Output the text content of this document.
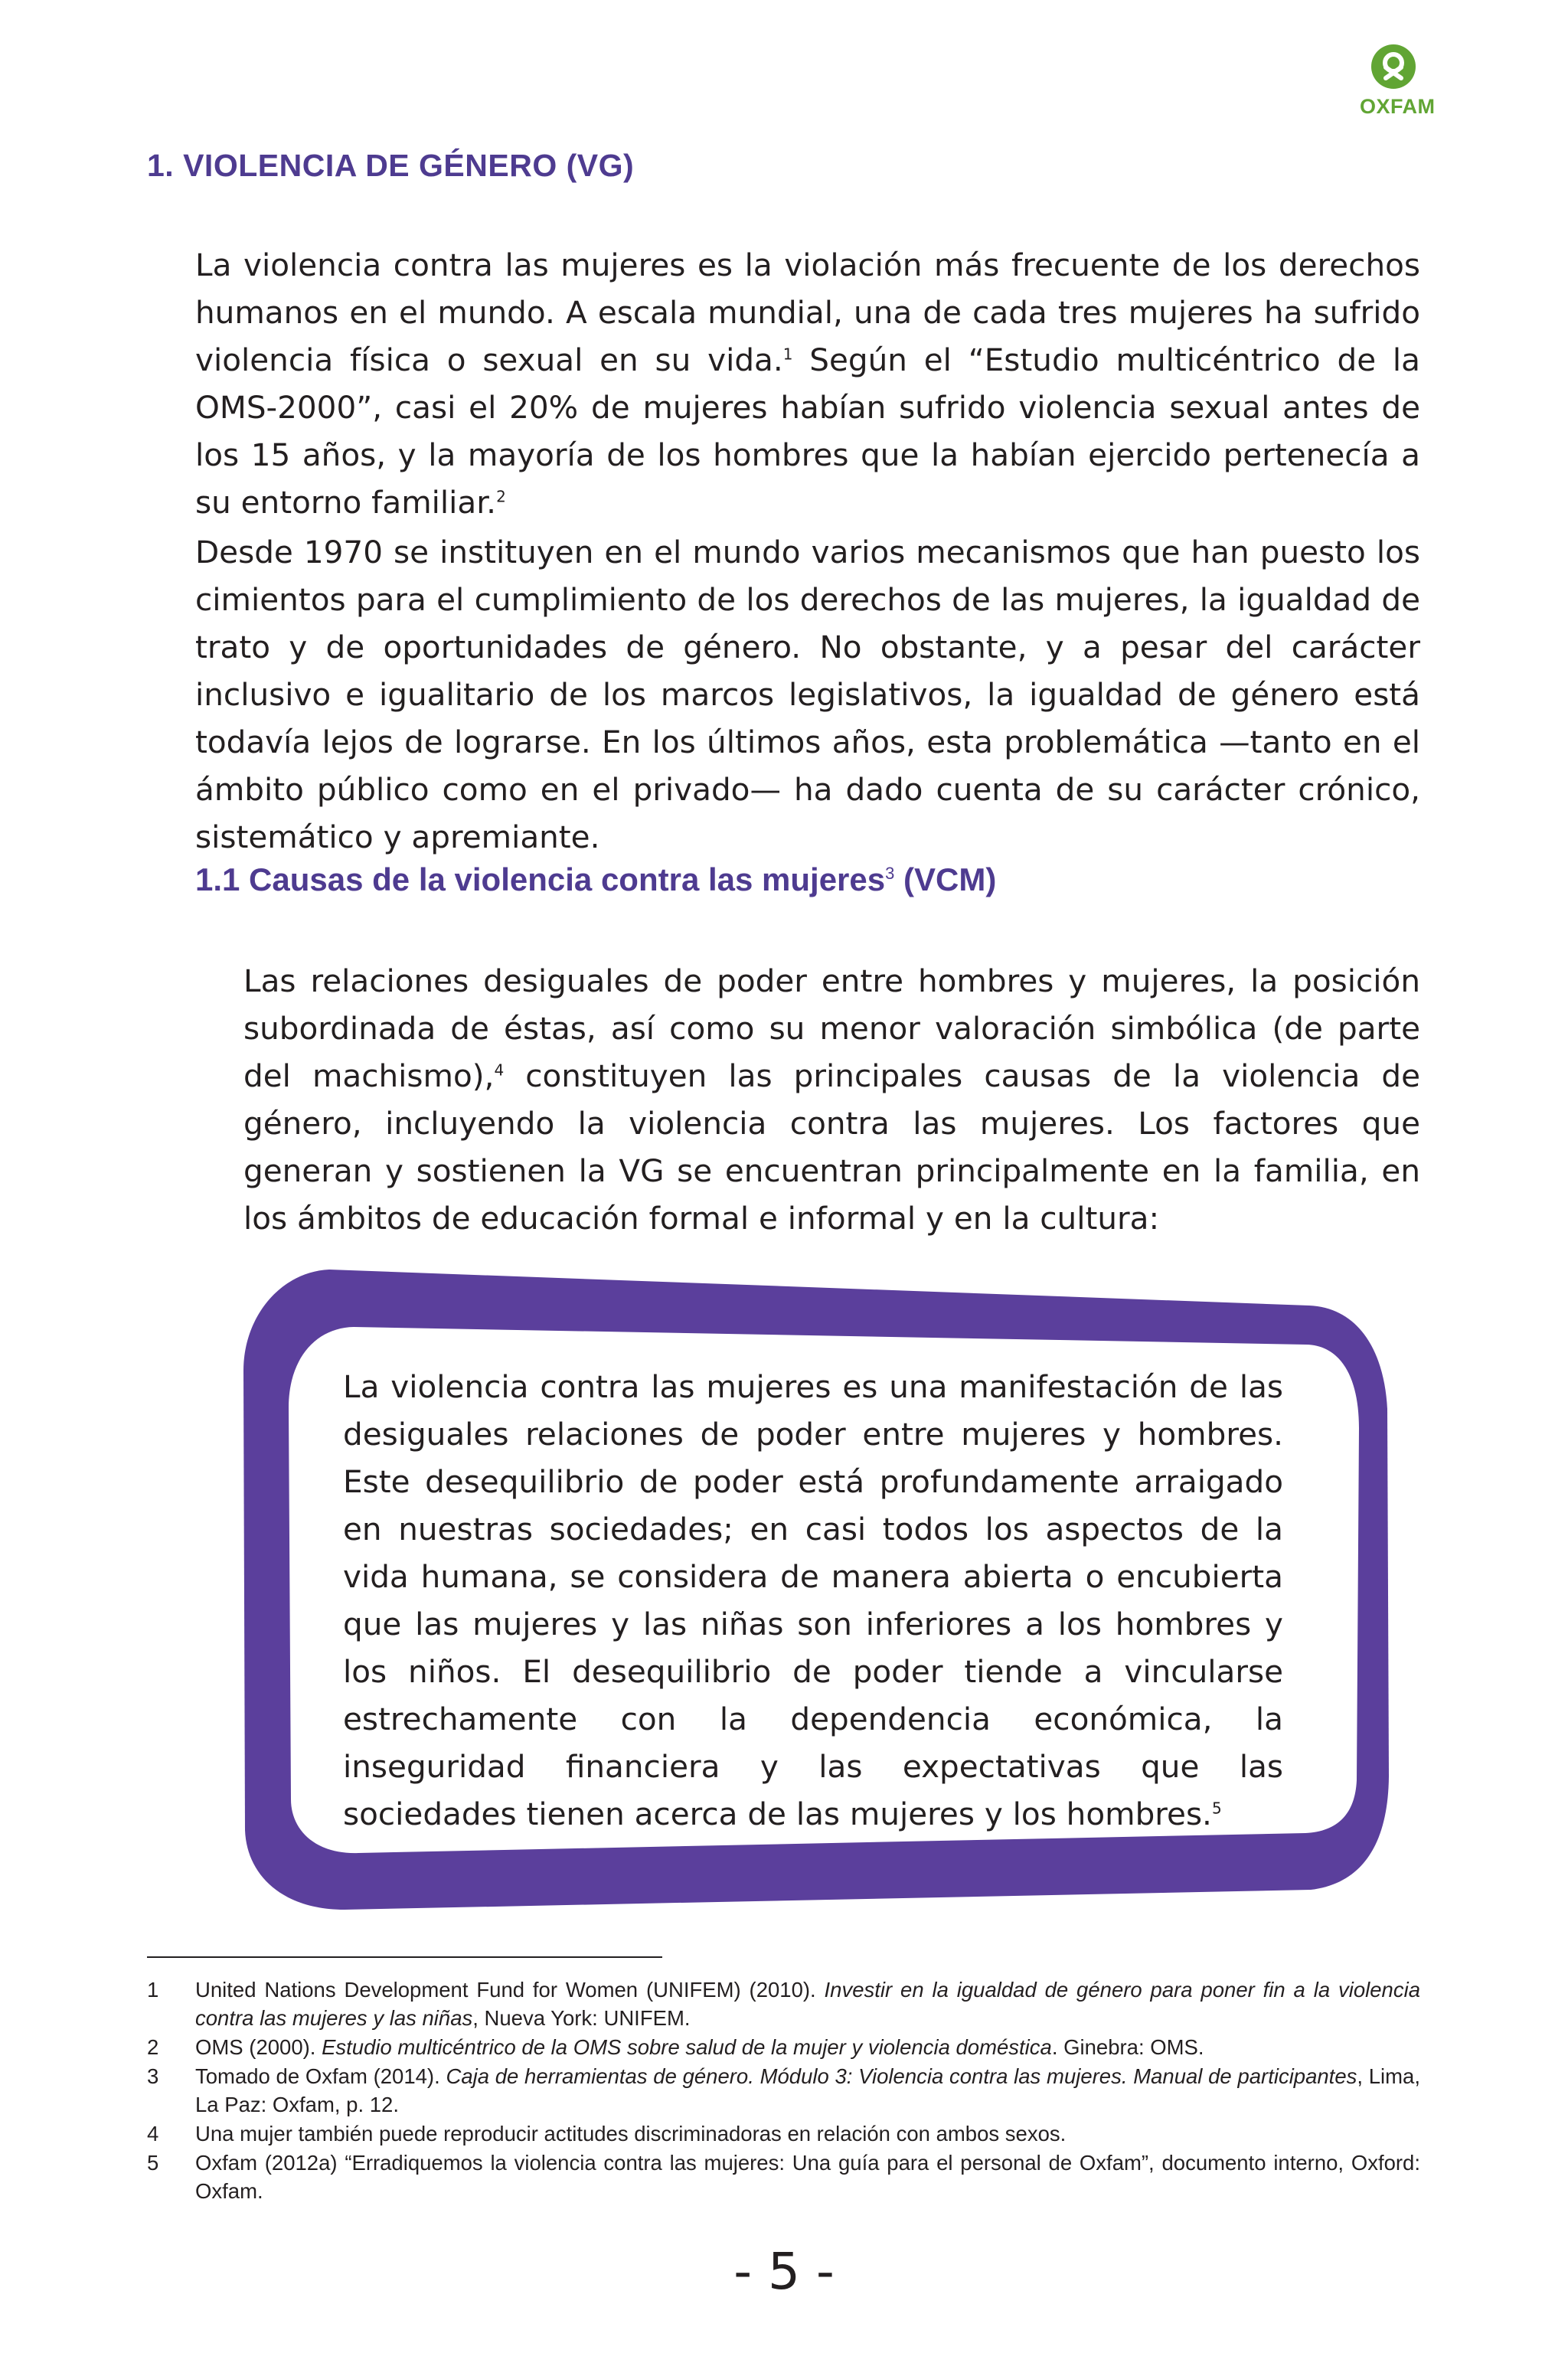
OXFAM
1. VIOLENCIA DE GÉNERO (VG)

La violencia contra las mujeres es la violación más frecuente de los derechos humanos en el mundo. A escala mundial, una de cada tres mujeres ha sufrido violencia física o sexual en su vida.$^1$ Según el “Estudio multicéntrico de la OMS-2000”, casi el 20% de mujeres habían sufrido violencia sexual antes de los 15 años, y la mayoría de los hombres que la habían ejercido pertenecía a su entorno familiar.$^2$

Desde 1970 se instituyen en el mundo varios mecanismos que han puesto los cimientos para el cumplimiento de los derechos de las mujeres, la igualdad de trato y de oportunidades de género. No obstante, y a pesar del carácter inclusivo e igualitario de los marcos legislativos, la igualdad de género está todavía lejos de lograrse. En los últimos años, esta problemática —tanto en el ámbito público como en el privado— ha dado cuenta de su carácter crónico, sistemático y apremiante.

1.1 Causas de la violencia contra las mujeres$^3$ (VCM)

Las relaciones desiguales de poder entre hombres y mujeres, la posición subordinada de éstas, así como su menor valoración simbólica (de parte del machismo),$^4$ constituyen las principales causas de la violencia de género, incluyendo la violencia contra las mujeres. Los factores que generan y sostienen la VG se encuentran principalmente en la familia, en los ámbitos de educación formal e informal y en la cultura:

La violencia contra las mujeres es una manifestación de las desiguales relaciones de poder entre mujeres y hombres. Este desequilibrio de poder está profundamente arraigado en nuestras sociedades; en casi todos los aspectos de la vida humana, se considera de manera abierta o encubierta que las mujeres y las niñas son inferiores a los hombres y los niños. El desequilibrio de poder tiende a vincularse estrechamente con la dependencia económica, la inseguridad financiera y las expectativas que las sociedades tienen acerca de las mujeres y los hombres.$^5$

1	United Nations Development Fund for Women (UNIFEM) (2010). Investir en la igualdad de género para poner fin a la violencia contra las mujeres y las niñas, Nueva York: UNIFEM.
2	OMS (2000). Estudio multicéntrico de la OMS sobre salud de la mujer y violencia doméstica. Ginebra: OMS.
3	Tomado de Oxfam (2014). Caja de herramientas de género. Módulo 3: Violencia contra las mujeres. Manual de participantes, Lima, La Paz: Oxfam, p. 12.
4	Una mujer también puede reproducir actitudes discriminadoras en relación con ambos sexos.
5	Oxfam (2012a) “Erradiquemos la violencia contra las mujeres: Una guía para el personal de Oxfam”, documento interno, Oxford: Oxfam.
- 5 -
